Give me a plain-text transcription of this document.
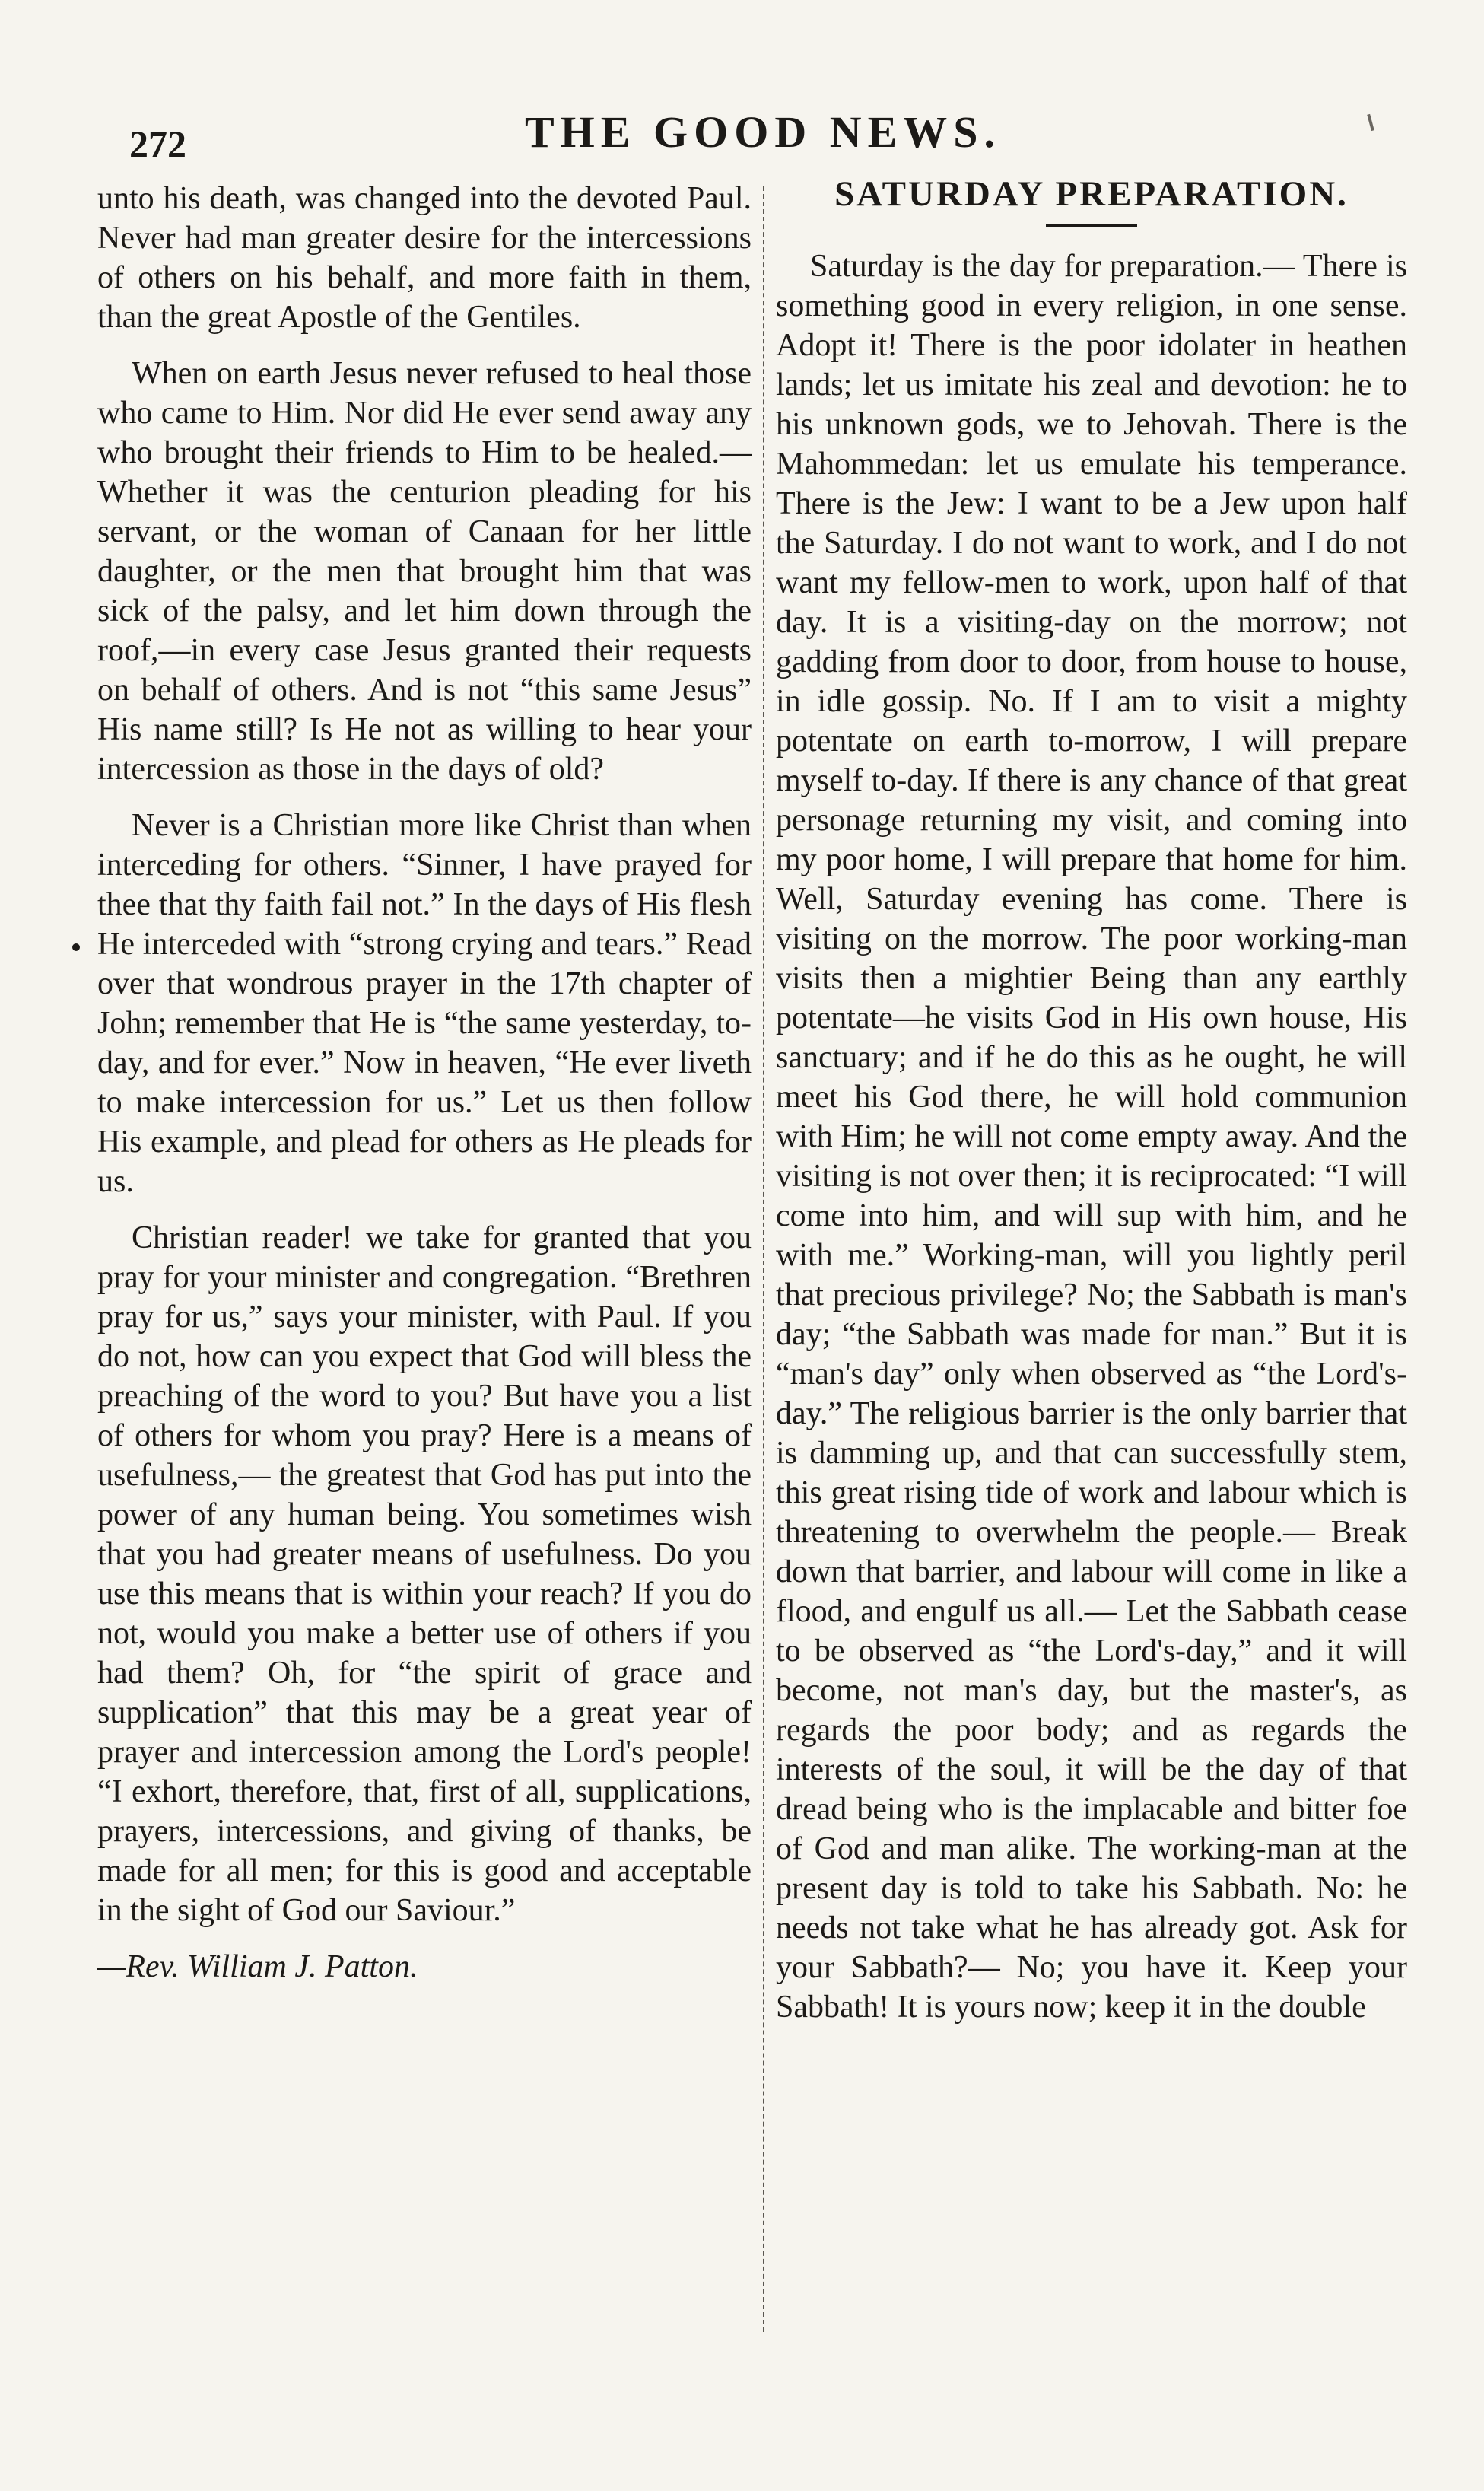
272	THE GOOD NEWS.

unto his death, was changed into the devoted Paul. Never had man greater desire for the intercessions of others on his behalf, and more faith in them, than the great Apostle of the Gentiles.

When on earth Jesus never refused to heal those who came to Him. Nor did He ever send away any who brought their friends to Him to be healed.— Whether it was the centurion pleading for his servant, or the woman of Canaan for her little daughter, or the men that brought him that was sick of the palsy, and let him down through the roof,—in every case Jesus granted their requests on behalf of others. And is not “this same Jesus” His name still? Is He not as willing to hear your intercession as those in the days of old?

Never is a Christian more like Christ than when interceding for others. “Sinner, I have prayed for thee that thy faith fail not.” In the days of His flesh He interceded with “strong crying and tears.” Read over that wondrous prayer in the 17th chapter of John; remember that He is “the same yesterday, to-day, and for ever.” Now in heaven, “He ever liveth to make intercession for us.” Let us then follow His example, and plead for others as He pleads for us.

Christian reader! we take for granted that you pray for your minister and congregation. “Brethren pray for us,” says your minister, with Paul. If you do not, how can you expect that God will bless the preaching of the word to you? But have you a list of others for whom you pray? Here is a means of usefulness,— the greatest that God has put into the power of any human being. You sometimes wish that you had greater means of usefulness. Do you use this means that is within your reach? If you do not, would you make a better use of others if you had them? Oh, for “the spirit of grace and supplication” that this may be a great year of prayer and intercession among the Lord's people! “I exhort, therefore, that, first of all, supplications, prayers, intercessions, and giving of thanks, be made for all men; for this is good and acceptable in the sight of God our Saviour.”

—Rev. William J. Patton.

SATURDAY PREPARATION.

Saturday is the day for preparation.— There is something good in every religion, in one sense. Adopt it! There is the poor idolater in heathen lands; let us imitate his zeal and devotion: he to his unknown gods, we to Jehovah. There is the Mahommedan: let us emulate his temperance. There is the Jew: I want to be a Jew upon half the Saturday. I do not want to work, and I do not want my fellow-men to work, upon half of that day. It is a visiting-day on the morrow; not gadding from door to door, from house to house, in idle gossip. No. If I am to visit a mighty potentate on earth to-morrow, I will prepare myself to-day. If there is any chance of that great personage returning my visit, and coming into my poor home, I will prepare that home for him. Well, Saturday evening has come. There is visiting on the morrow. The poor working-man visits then a mightier Being than any earthly potentate—he visits God in His own house, His sanctuary; and if he do this as he ought, he will meet his God there, he will hold communion with Him; he will not come empty away. And the visiting is not over then; it is reciprocated: “I will come into him, and will sup with him, and he with me.” Working-man, will you lightly peril that precious privilege? No; the Sabbath is man's day; “the Sabbath was made for man.” But it is “man's day” only when observed as “the Lord's-day.” The religious barrier is the only barrier that is damming up, and that can successfully stem, this great rising tide of work and labour which is threatening to overwhelm the people.— Break down that barrier, and labour will come in like a flood, and engulf us all.— Let the Sabbath cease to be observed as “the Lord's-day,” and it will become, not man's day, but the master's, as regards the poor body; and as regards the interests of the soul, it will be the day of that dread being who is the implacable and bitter foe of God and man alike. The working-man at the present day is told to take his Sabbath. No: he needs not take what he has already got. Ask for your Sabbath?— No; you have it. Keep your Sabbath! It is yours now; keep it in the double
